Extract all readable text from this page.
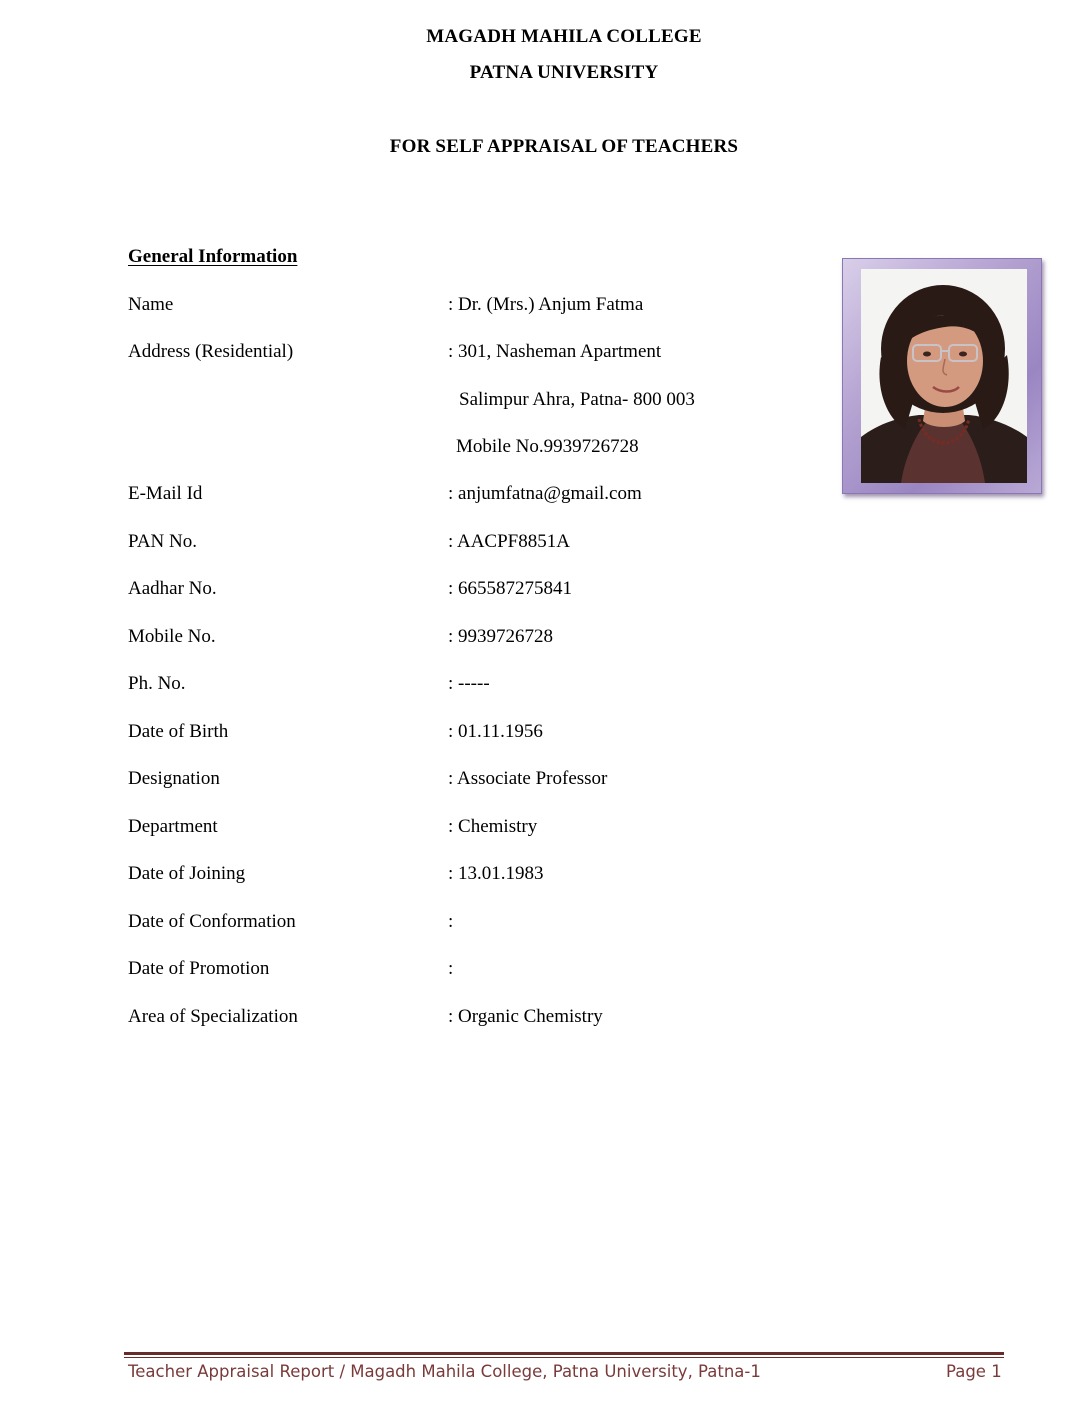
MAGADH MAHILA COLLEGE
PATNA UNIVERSITY
FOR SELF APPRAISAL OF TEACHERS
General Information
Name	: Dr. (Mrs.) Anjum Fatma
Address (Residential)	: 301, Nasheman Apartment
Salimpur Ahra, Patna- 800 003
Mobile No.9939726728
E-Mail Id	: anjumfatna@gmail.com
PAN No.	: AACPF8851A
Aadhar No.	: 665587275841
Mobile No.	: 9939726728
Ph. No.	: -----
Date of Birth	: 01.11.1956
Designation	: Associate Professor
Department	: Chemistry
Date of Joining	: 13.01.1983
Date of Conformation	:
Date of Promotion	:
Area of Specialization	: Organic Chemistry
Teacher Appraisal Report / Magadh Mahila College, Patna University, Patna-1	Page 1
